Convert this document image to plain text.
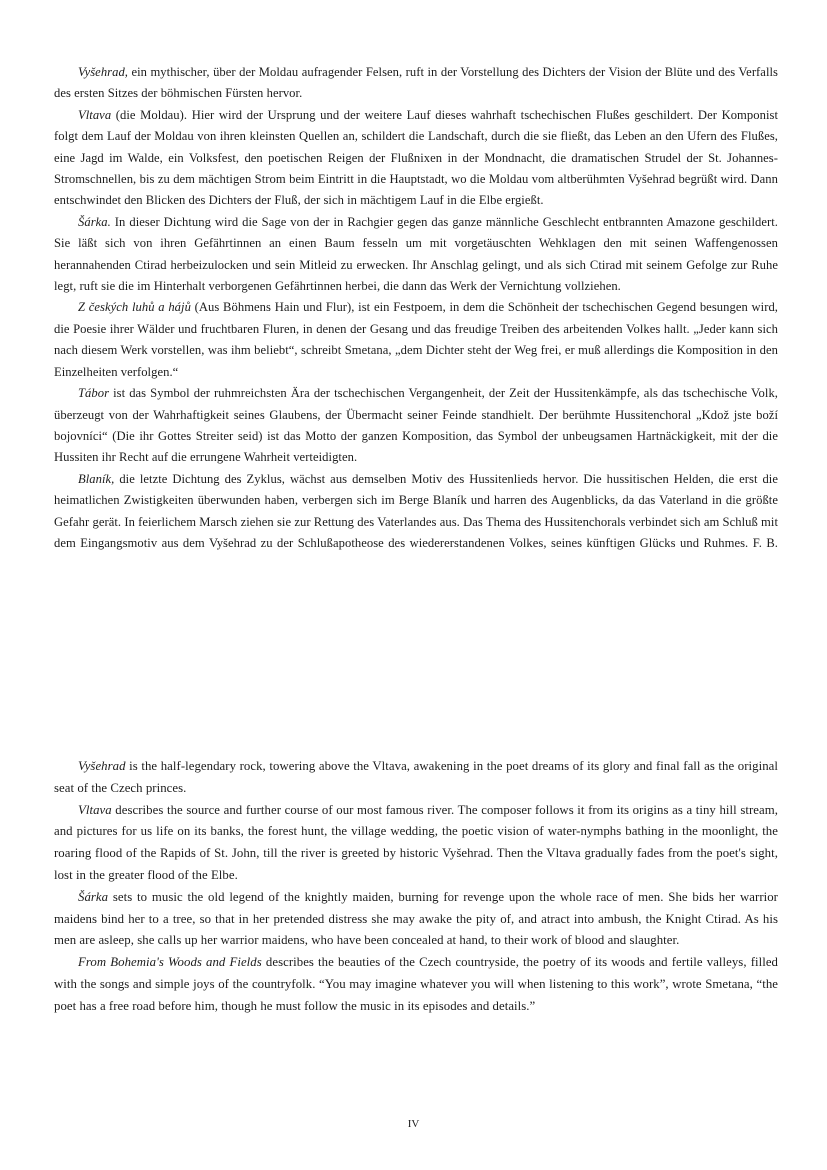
Vyšehrad, ein mythischer, über der Moldau aufragender Felsen, ruft in der Vorstellung des Dichters der Vision der Blüte und des Verfalls des ersten Sitzes der böhmischen Fürsten hervor.

Vltava (die Moldau). Hier wird der Ursprung und der weitere Lauf dieses wahrhaft tschechischen Flußes geschildert. Der Komponist folgt dem Lauf der Moldau von ihren kleinsten Quellen an, schildert die Landschaft, durch die sie fließt, das Leben an den Ufern des Flußes, eine Jagd im Walde, ein Volksfest, den poetischen Reigen der Flußnixen in der Mondnacht, die dramatischen Strudel der St. Johannes-Stromschnellen, bis zu dem mächtigen Strom beim Eintritt in die Hauptstadt, wo die Moldau vom altberühmten Vyšehrad begrüßt wird. Dann entschwindet den Blicken des Dichters der Fluß, der sich in mächtigem Lauf in die Elbe ergießt.

Šárka. In dieser Dichtung wird die Sage von der in Rachgier gegen das ganze männliche Geschlecht entbrannten Amazone geschildert. Sie läßt sich von ihren Gefährtinnen an einen Baum fesseln um mit vorgetäuschten Wehklagen den mit seinen Waffengenossen herannahenden Ctirad herbeizulocken und sein Mitleid zu erwecken. Ihr Anschlag gelingt, und als sich Ctirad mit seinem Gefolge zur Ruhe legt, ruft sie die im Hinterhalt verborgenen Gefährtinnen herbei, die dann das Werk der Vernichtung vollziehen.

Z českých luhů a hájů (Aus Böhmens Hain und Flur), ist ein Festpoem, in dem die Schönheit der tschechischen Gegend besungen wird, die Poesie ihrer Wälder und fruchtbaren Fluren, in denen der Gesang und das freudige Treiben des arbeitenden Volkes hallt. „Jeder kann sich nach diesem Werk vorstellen, was ihm beliebt“, schreibt Smetana, „dem Dichter steht der Weg frei, er muß allerdings die Komposition in den Einzelheiten verfolgen.“

Tábor ist das Symbol der ruhmreichsten Ära der tschechischen Vergangenheit, der Zeit der Hussitenkämpfe, als das tschechische Volk, überzeugt von der Wahrhaftigkeit seines Glaubens, der Übermacht seiner Feinde standhielt. Der berühmte Hussitenchoral „Kdož jste boží bojovníci“ (Die ihr Gottes Streiter seid) ist das Motto der ganzen Komposition, das Symbol der unbeugsamen Hartnäckigkeit, mit der die Hussiten ihr Recht auf die errungene Wahrheit verteidigten.

Blaník, die letzte Dichtung des Zyklus, wächst aus demselben Motiv des Hussitenlieds hervor. Die hussitischen Helden, die erst die heimatlichen Zwistigkeiten überwunden haben, verbergen sich im Berge Blaník und harren des Augenblicks, da das Vaterland in die größte Gefahr gerät. In feierlichem Marsch ziehen sie zur Rettung des Vaterlandes aus. Das Thema des Hussitenchorals verbindet sich am Schluß mit dem Eingangsmotiv aus dem Vyšehrad zu der Schlußapotheose des wiedererstandenen Volkes, seines künftigen Glücks und Ruhmes. F. B.

Vyšehrad is the half-legendary rock, towering above the Vltava, awakening in the poet dreams of its glory and final fall as the original seat of the Czech princes.

Vltava describes the source and further course of our most famous river. The composer follows it from its origins as a tiny hill stream, and pictures for us life on its banks, the forest hunt, the village wedding, the poetic vision of water-nymphs bathing in the moonlight, the roaring flood of the Rapids of St. John, till the river is greeted by historic Vyšehrad. Then the Vltava gradually fades from the poet's sight, lost in the greater flood of the Elbe.

Šárka sets to music the old legend of the knightly maiden, burning for revenge upon the whole race of men. She bids her warrior maidens bind her to a tree, so that in her pretended distress she may awake the pity of, and atract into ambush, the Knight Ctirad. As his men are asleep, she calls up her warrior maidens, who have been concealed at hand, to their work of blood and slaughter.

From Bohemia's Woods and Fields describes the beauties of the Czech countryside, the poetry of its woods and fertile valleys, filled with the songs and simple joys of the countryfolk. “You may imagine whatever you will when listening to this work”, wrote Smetana, “the poet has a free road before him, though he must follow the music in its episodes and details.”

IV
